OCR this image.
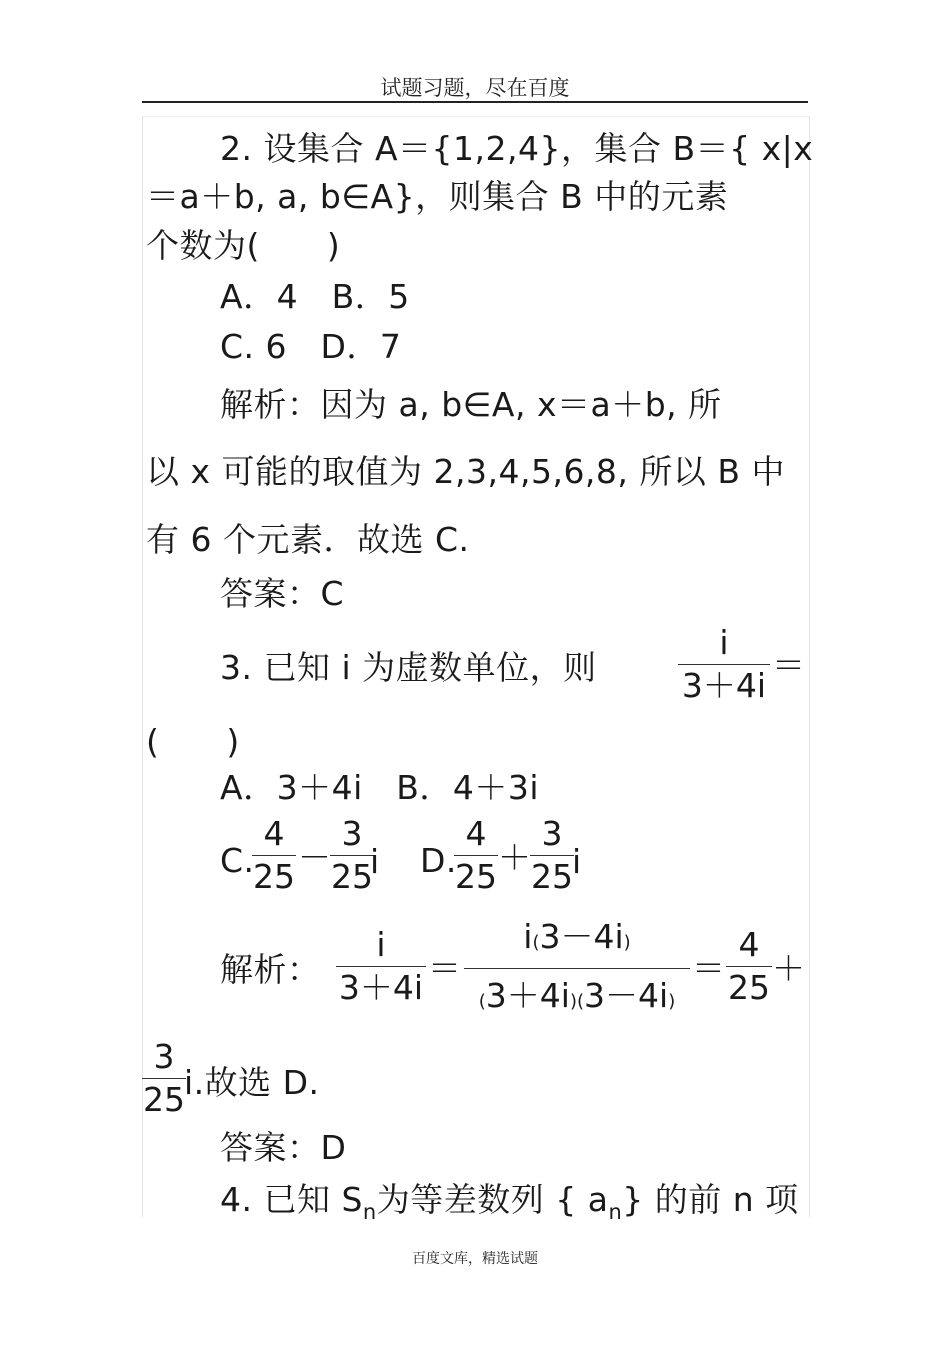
试题习题，尽在百度
2. 设集合 A＝{1,2,4}，集合 B＝{ x|x
＝a＋b, a, b∈A}，则集合 B 中的元素
个数为(　　)
A．4　B．5
C. 6　D．7
解析：因为 a, b∈A, x＝a＋b, 所
以 x 可能的取值为 2,3,4,5,6,8, 所以 B 中
有 6 个元素．故选 C.
答案：C
3. 已知 i 为虚数单位，则
i
3＋4i
＝
(　　)
A．3＋4i　B．4＋3i
C.
4
25 －
3
25
i D.
4
25 ＋
3
25 i
解析：
i
3＋4i ＝
i(3－4i)
(3＋4i)(3－4i)
＝
4
25 ＋
3
25 i.故选 D.
答案：D
4. 已知 $S_n$为等差数列 { $a_n$} 的前 n 项
百度文库，精选试题
